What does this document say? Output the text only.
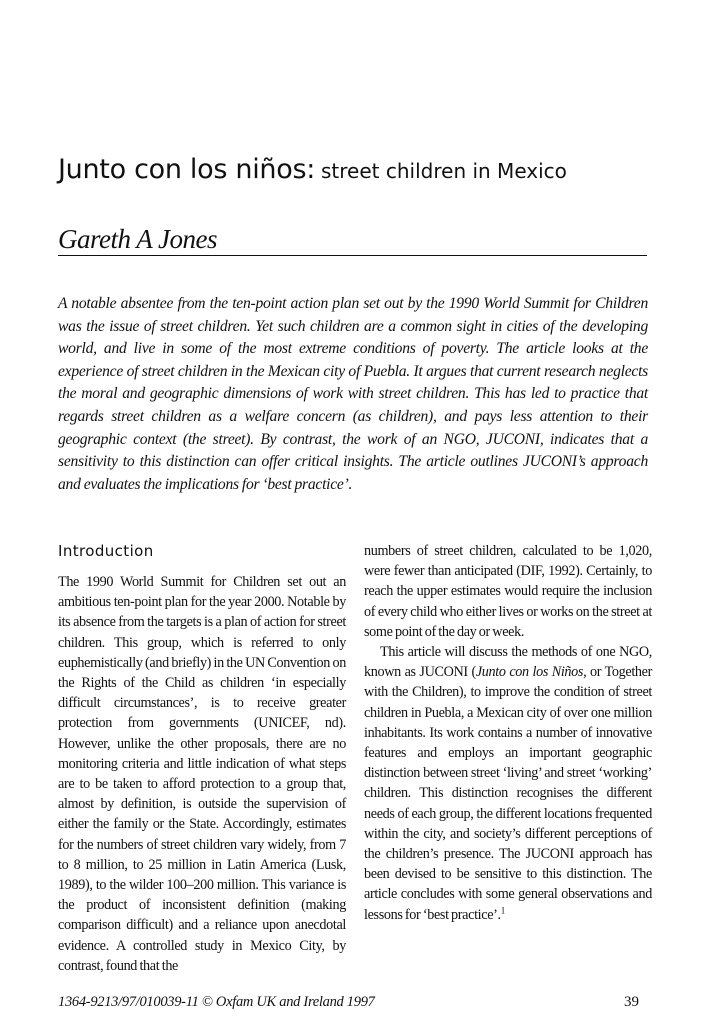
Junto con los niños: street children in Mexico
Gareth A Jones

A notable absentee from the ten-point action plan set out by the 1990 World Summit for Children was the issue of street children. Yet such children are a common sight in cities of the developing world, and live in some of the most extreme conditions of poverty. The article looks at the experience of street children in the Mexican city of Puebla. It argues that current research neglects the moral and geographic dimensions of work with street children. This has led to practice that regards street children as a welfare concern (as children), and pays less attention to their geographic context (the street). By contrast, the work of an NGO, JUCONI, indicates that a sensitivity to this distinction can offer critical insights. The article outlines JUCONI’s approach and evaluates the implications for ‘best practice’.

Introduction

The 1990 World Summit for Children set out an ambitious ten-point plan for the year 2000. Notable by its absence from the targets is a plan of action for street children. This group, which is referred to only euphemistically (and briefly) in the UN Convention on the Rights of the Child as children ‘in especially difficult circumstances’, is to receive greater protection from governments (UNICEF, nd). However, unlike the other proposals, there are no monitoring criteria and little indication of what steps are to be taken to afford protection to a group that, almost by definition, is outside the supervision of either the family or the State. Accordingly, estimates for the numbers of street children vary widely, from 7 to 8 million, to 25 million in Latin America (Lusk, 1989), to the wilder 100–200 million. This variance is the product of inconsistent definition (making comparison difficult) and a reliance upon anecdotal evidence. A controlled study in Mexico City, by contrast, found that the

numbers of street children, calculated to be 1,020, were fewer than anticipated (DIF, 1992). Certainly, to reach the upper estimates would require the inclusion of every child who either lives or works on the street at some point of the day or week.

This article will discuss the methods of one NGO, known as JUCONI (Junto con los Niños, or Together with the Children), to improve the condition of street children in Puebla, a Mexican city of over one million inhabitants. Its work contains a number of innovative features and employs an important geographic distinction between street ‘living’ and street ‘working’ children. This distinction recognises the different needs of each group, the different locations frequented within the city, and society’s different perceptions of the children’s presence. The JUCONI approach has been devised to be sensitive to this distinction. The article concludes with some general observations and lessons for ‘best practice’.$^1$

1364-9213/97/010039-11 © Oxfam UK and Ireland 1997	39
